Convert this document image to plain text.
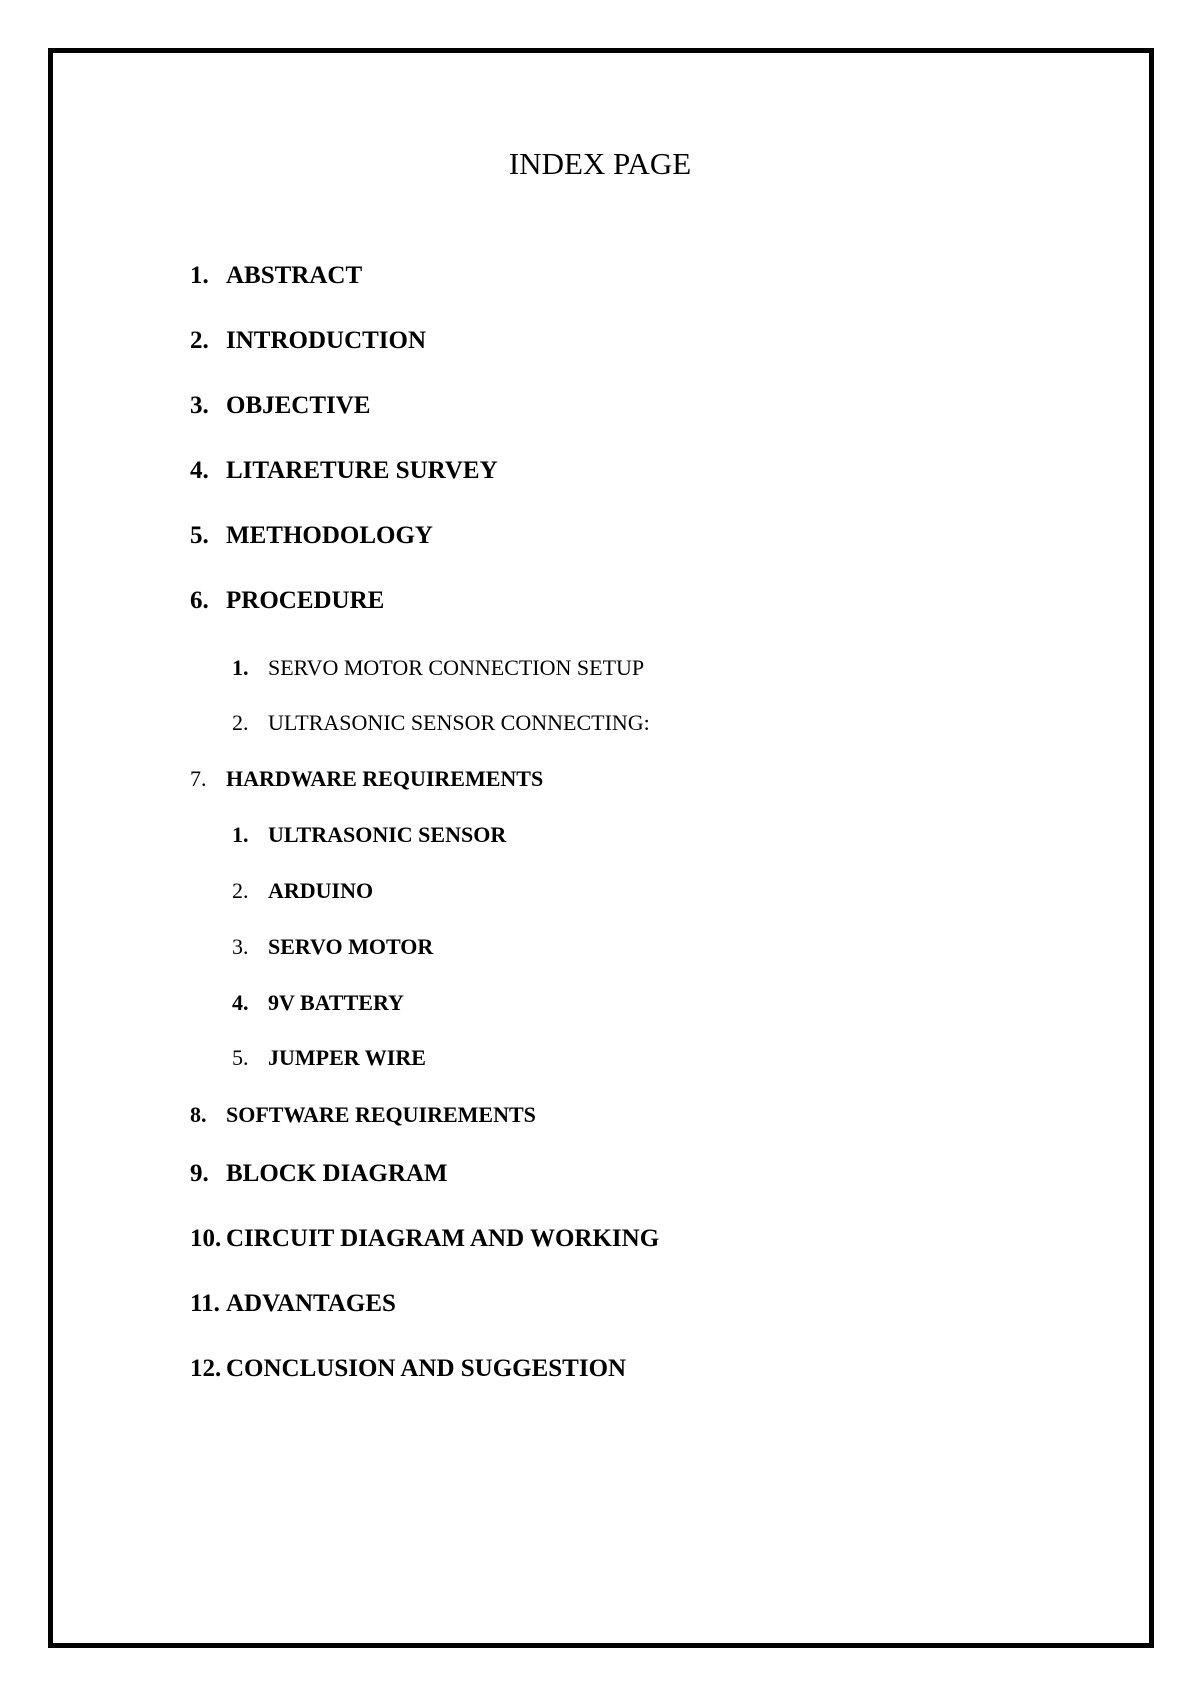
INDEX PAGE
1. ABSTRACT
2. INTRODUCTION
3. OBJECTIVE
4. LITARETURE SURVEY
5. METHODOLOGY
6. PROCEDURE
1. SERVO MOTOR CONNECTION SETUP
2. ULTRASONIC SENSOR CONNECTING:
7. HARDWARE REQUIREMENTS
1. ULTRASONIC SENSOR
2. ARDUINO
3. SERVO MOTOR
4. 9V BATTERY
5. JUMPER WIRE
8. SOFTWARE REQUIREMENTS
9. BLOCK DIAGRAM
10. CIRCUIT DIAGRAM AND WORKING
11. ADVANTAGES
12. CONCLUSION AND SUGGESTION
